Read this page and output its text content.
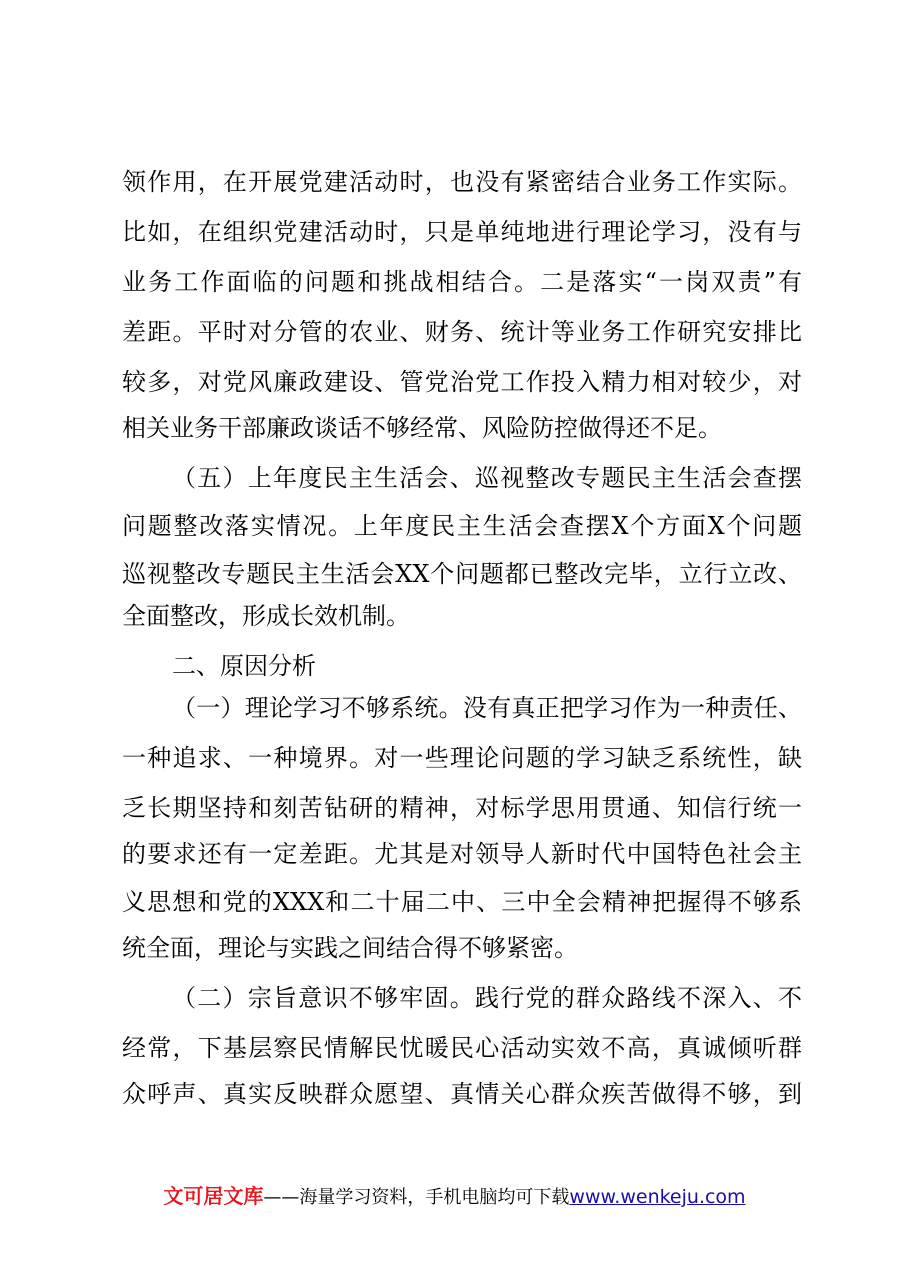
领作用，在开展党建活动时，也没有紧密结合业务工作实际。
比如，在组织党建活动时，只是单纯地进行理论学习，没有与
业务工作面临的问题和挑战相结合。二是落实“一岗双责”有
差距。平时对分管的农业、财务、统计等业务工作研究安排比
较多，对党风廉政建设、管党治党工作投入精力相对较少，对
相关业务干部廉政谈话不够经常、风险防控做得还不足。
（五）上年度民主生活会、巡视整改专题民主生活会查摆
问题整改落实情况。上年度民主生活会查摆X个方面X个问题
巡视整改专题民主生活会XX个问题都已整改完毕，立行立改、
全面整改，形成长效机制。
二、原因分析
（一）理论学习不够系统。没有真正把学习作为一种责任、
一种追求、一种境界。对一些理论问题的学习缺乏系统性，缺
乏长期坚持和刻苦钻研的精神，对标学思用贯通、知信行统一
的要求还有一定差距。尤其是对领导人新时代中国特色社会主
义思想和党的XXX和二十届二中、三中全会精神把握得不够系
统全面，理论与实践之间结合得不够紧密。
（二）宗旨意识不够牢固。践行党的群众路线不深入、不
经常，下基层察民情解民忧暖民心活动实效不高，真诚倾听群
众呼声、真实反映群众愿望、真情关心群众疾苦做得不够，到
文可居文库——海量学习资料，手机电脑均可下载www.wenkeju.com
